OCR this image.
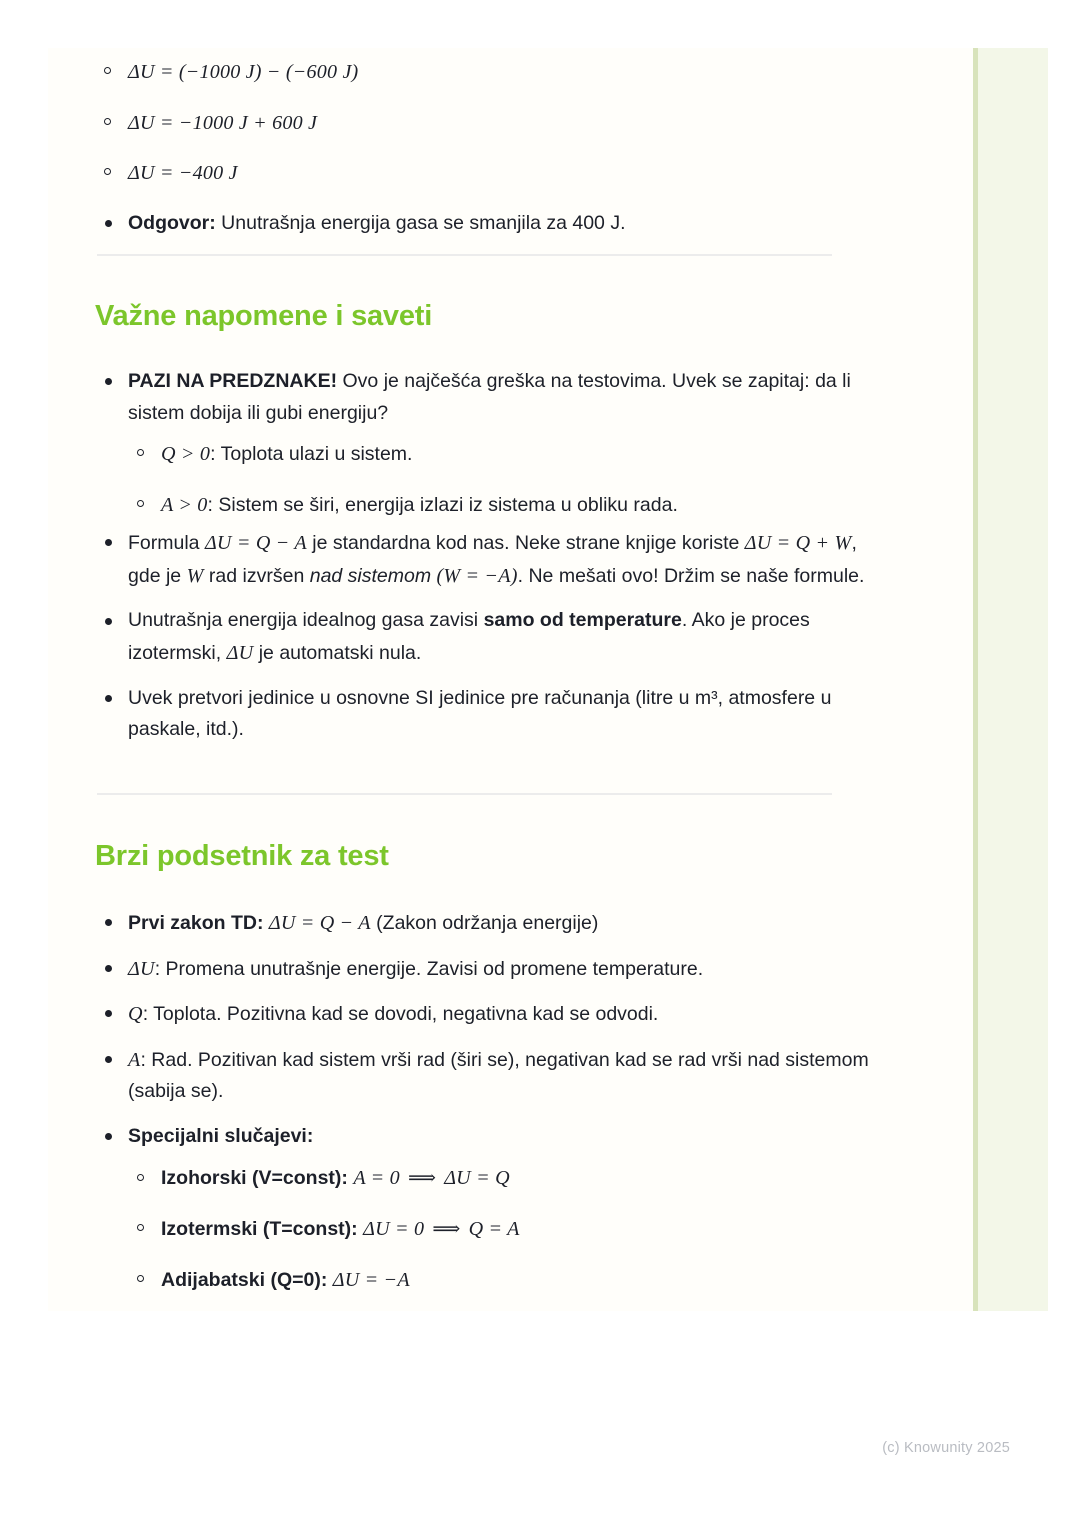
ΔU = (−1000 J) − (−600 J)
ΔU = −1000 J + 600 J
ΔU = −400 J
Odgovor: Unutrašnja energija gasa se smanjila za 400 J.
Važne napomene i saveti
PAZI NA PREDZNAKE! Ovo je najčešća greška na testovima. Uvek se zapitaj: da li sistem dobija ili gubi energiju?
Q > 0: Toplota ulazi u sistem.
A > 0: Sistem se širi, energija izlazi iz sistema u obliku rada.
Formula ΔU = Q − A je standardna kod nas. Neke strane knjige koriste ΔU = Q + W, gde je W rad izvršen nad sistemom (W = −A). Ne mešati ovo! Držim se naše formule.
Unutrašnja energija idealnog gasa zavisi samo od temperature. Ako je proces izotermski, ΔU je automatski nula.
Uvek pretvori jedinice u osnovne SI jedinice pre računanja (litre u m³, atmosfere u paskale, itd.).
Brzi podsetnik za test
Prvi zakon TD: ΔU = Q − A (Zakon održanja energije)
ΔU: Promena unutrašnje energije. Zavisi od promene temperature.
Q: Toplota. Pozitivna kad se dovodi, negativna kad se odvodi.
A: Rad. Pozitivan kad sistem vrši rad (širi se), negativan kad se rad vrši nad sistemom (sabija se).
Specijalni slučajevi:
Izohorski (V=const): A = 0 ⟹ ΔU = Q
Izotermski (T=const): ΔU = 0 ⟹ Q = A
Adijabatski (Q=0): ΔU = −A
(c) Knowunity 2025
